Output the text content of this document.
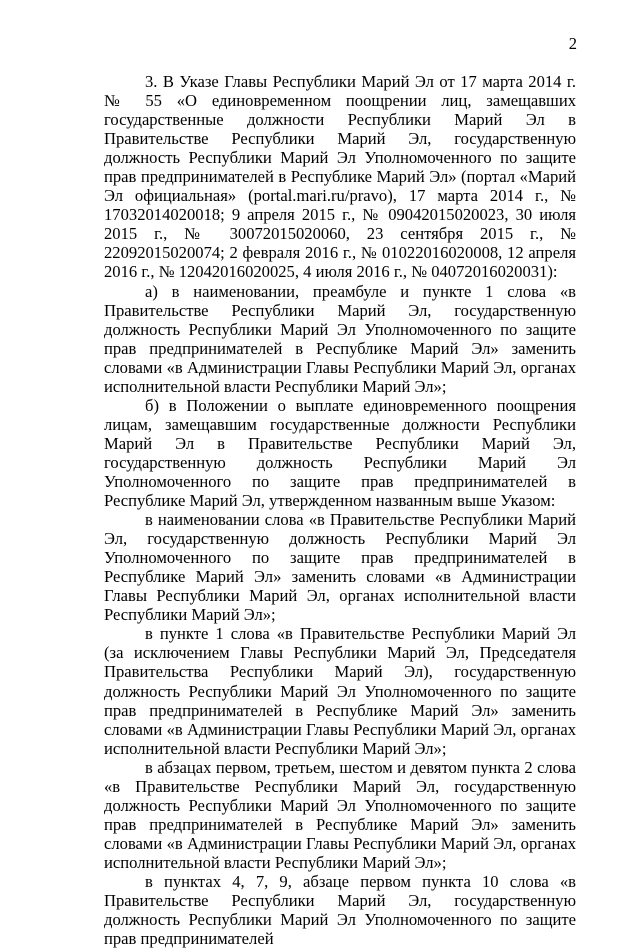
2

3. В Указе Главы Республики Марий Эл от 17 марта 2014 г. № 55 «О единовременном поощрении лиц, замещавших государственные должности Республики Марий Эл в Правительстве Республики Марий Эл, государственную должность Республики Марий Эл Уполномоченного по защите прав предпринимателей в Республике Марий Эл» (портал «Марий Эл официальная» (portal.mari.ru/pravo), 17 марта 2014 г., № 17032014020018; 9 апреля 2015 г., № 09042015020023, 30 июля 2015 г., № 30072015020060, 23 сентября 2015 г., № 22092015020074; 2 февраля 2016 г., № 01022016020008, 12 апреля 2016 г., № 12042016020025, 4 июля 2016 г., № 04072016020031):

а) в наименовании, преамбуле и пункте 1 слова «в Правительстве Республики Марий Эл, государственную должность Республики Марий Эл Уполномоченного по защите прав предпринимателей в Республике Марий Эл» заменить словами «в Администрации Главы Республики Марий Эл, органах исполнительной власти Республики Марий Эл»;

б) в Положении о выплате единовременного поощрения лицам, замещавшим государственные должности Республики Марий Эл в Правительстве Республики Марий Эл, государственную должность Республики Марий Эл Уполномоченного по защите прав предпринимателей в Республике Марий Эл, утвержденном названным выше Указом:

в наименовании слова «в Правительстве Республики Марий Эл, государственную должность Республики Марий Эл Уполномоченного по защите прав предпринимателей в Республике Марий Эл» заменить словами «в Администрации Главы Республики Марий Эл, органах исполнительной власти Республики Марий Эл»;

в пункте 1 слова «в Правительстве Республики Марий Эл (за исключением Главы Республики Марий Эл, Председателя Правительства Республики Марий Эл), государственную должность Республики Марий Эл Уполномоченного по защите прав предпринимателей в Республике Марий Эл» заменить словами «в Администрации Главы Республики Марий Эл, органах исполнительной власти Республики Марий Эл»;

в абзацах первом, третьем, шестом и девятом пункта 2 слова «в Правительстве Республики Марий Эл, государственную должность Республики Марий Эл Уполномоченного по защите прав предпринимателей в Республике Марий Эл» заменить словами «в Администрации Главы Республики Марий Эл, органах исполнительной власти Республики Марий Эл»;

в пунктах 4, 7, 9, абзаце первом пункта 10 слова «в Правительстве Республики Марий Эл, государственную должность Республики Марий Эл Уполномоченного по защите прав предпринимателей
